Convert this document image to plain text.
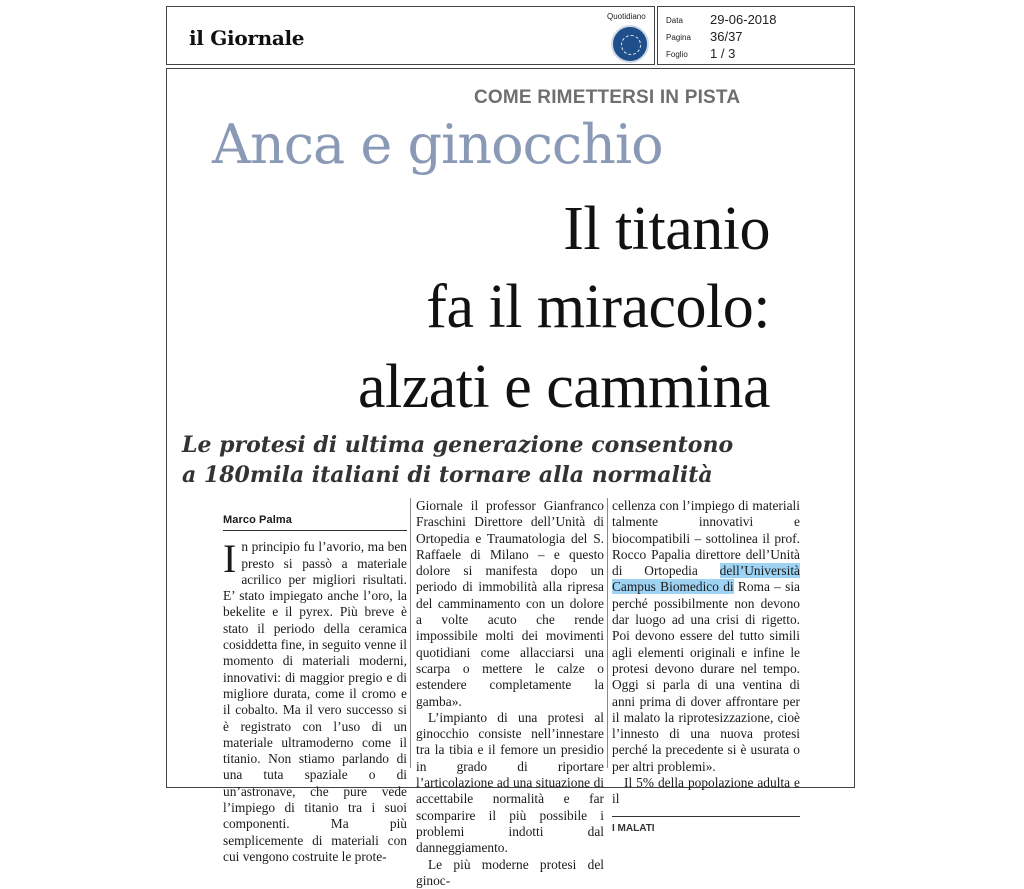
il Giornale
Quotidiano	Data	29-06-2018
Pagina	36/37
Foglio	1 / 3
COME RIMETTERSI IN PISTA
Anca e ginocchio
Il titanio
fa il miracolo:
alzati e cammina
Le protesi di ultima generazione consentono
a 180mila italiani di tornare alla normalità
Marco Palma

In principio fu l’avorio, ma ben presto si passò a materiale acrilico per migliori risultati. E’ stato impiegato anche l’oro, la bekelite e il pyrex. Più breve è stato il periodo della ceramica cosiddetta fine, in seguito venne il momento di materiali moderni, innovativi: di maggior pregio e di migliore durata, come il cromo e il cobalto. Ma il vero successo si è registrato con l’uso di un materiale ultramoderno come il titanio. Non stiamo parlando di una tuta spaziale o di un’astronave, che pure vede l’impiego di titanio tra i suoi componenti. Ma più semplicemente di materiali con cui vengono costruite le prote-

Giornale il professor Gianfranco Fraschini Direttore dell’Unità di Ortopedia e Traumatologia del S. Raffaele di Milano – e questo dolore si manifesta dopo un periodo di immobilità alla ripresa del camminamento con un dolore a volte acuto che rende impossibile molti dei movimenti quotidiani come allacciarsi una scarpa o mettere le calze o estendere completamente la gamba».

L’impianto di una protesi al ginocchio consiste nell’innestare tra la tibia e il femore un presidio in grado di riportare l’articolazione ad una situazione di accettabile normalità e far scomparire il più possibile i problemi indotti dal danneggiamento.

Le più moderne protesi del ginoc-

cellenza con l’impiego di materiali talmente innovativi e biocompatibili – sottolinea il prof. Rocco Papalia direttore dell’Unità di Ortopedia dell’Università Campus Biomedico di Roma – sia perché possibilmente non devono dar luogo ad una crisi di rigetto. Poi devono essere del tutto simili agli elementi originali e infine le protesi devono durare nel tempo. Oggi si parla di una ventina di anni prima di dover affrontare per il malato la riprotesizzazione, cioè l’innesto di una nuova protesi perché la precedente si è usurata o per altri problemi».

Il 5% della popolazione adulta e il

I MALATI
